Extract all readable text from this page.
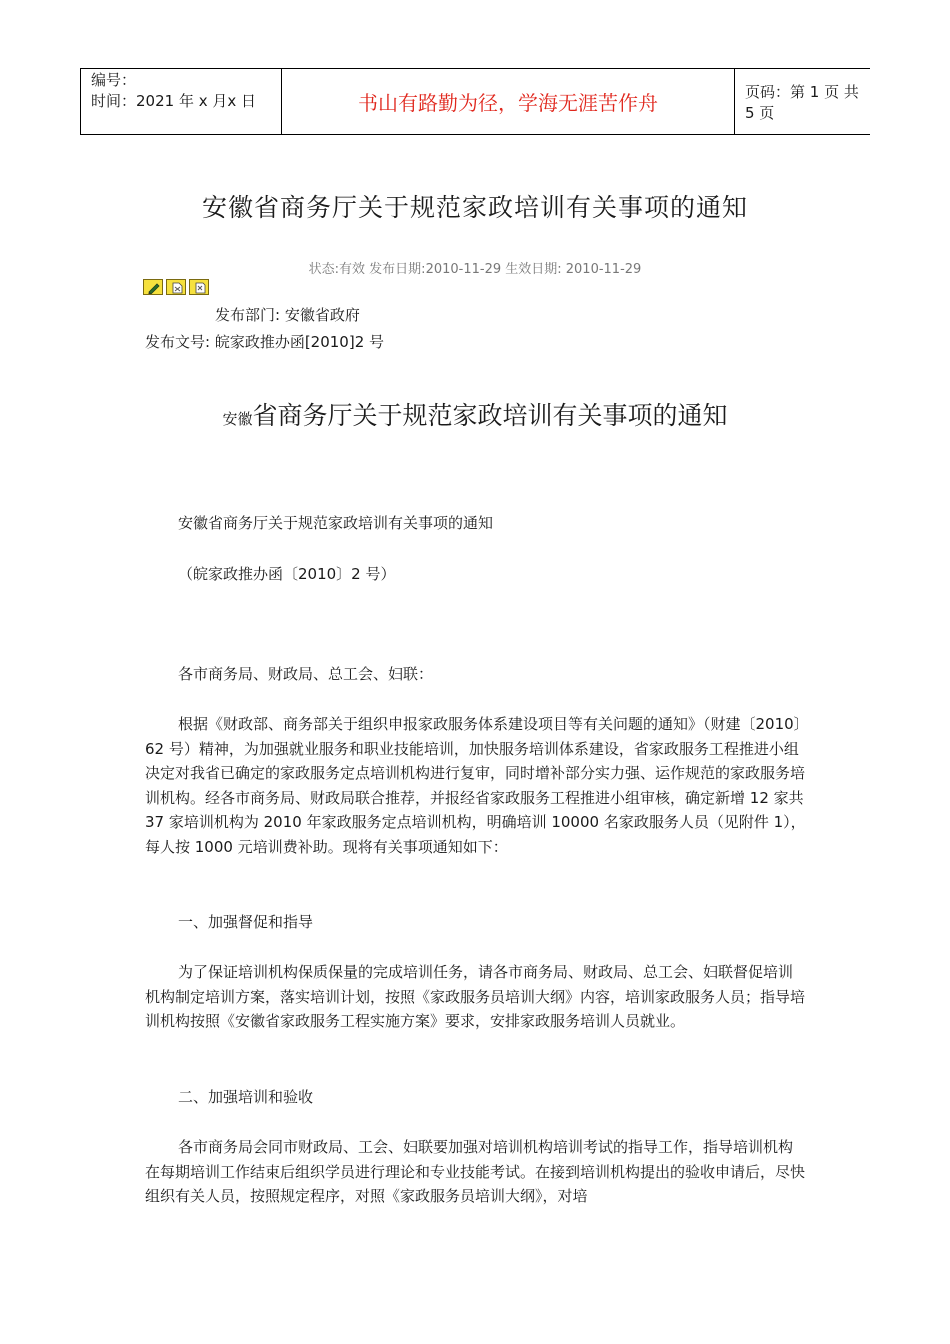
编号：
时间：2021 年 x 月x 日	书山有路勤为径，学海无涯苦作舟	页码：第 1 页 共 5 页
安徽省商务厅关于规范家政培训有关事项的通知
状态:有效 发布日期:2010-11-29 生效日期: 2010-11-29
发布部门: 安徽省政府
发布文号: 皖家政推办函[2010]2 号
安徽省商务厅关于规范家政培训有关事项的通知

安徽省商务厅关于规范家政培训有关事项的通知

（皖家政推办函〔2010〕2 号）

各市商务局、财政局、总工会、妇联：

根据《财政部、商务部关于组织申报家政服务体系建设项目等有关问题的通知》（财建〔2010〕62 号）精神，为加强就业服务和职业技能培训，加快服务培训体系建设，省家政服务工程推进小组决定对我省已确定的家政服务定点培训机构进行复审，同时增补部分实力强、运作规范的家政服务培训机构。经各市商务局、财政局联合推荐，并报经省家政服务工程推进小组审核，确定新增 12 家共 37 家培训机构为 2010 年家政服务定点培训机构，明确培训 10000 名家政服务人员（见附件 1），每人按 1000 元培训费补助。现将有关事项通知如下：

一、加强督促和指导

为了保证培训机构保质保量的完成培训任务，请各市商务局、财政局、总工会、妇联督促培训机构制定培训方案，落实培训计划，按照《家政服务员培训大纲》内容，培训家政服务人员；指导培训机构按照《安徽省家政服务工程实施方案》要求，安排家政服务培训人员就业。

二、加强培训和验收

各市商务局会同市财政局、工会、妇联要加强对培训机构培训考试的指导工作，指导培训机构在每期培训工作结束后组织学员进行理论和专业技能考试。在接到培训机构提出的验收申请后，尽快组织有关人员，按照规定程序，对照《家政服务员培训大纲》，对培
